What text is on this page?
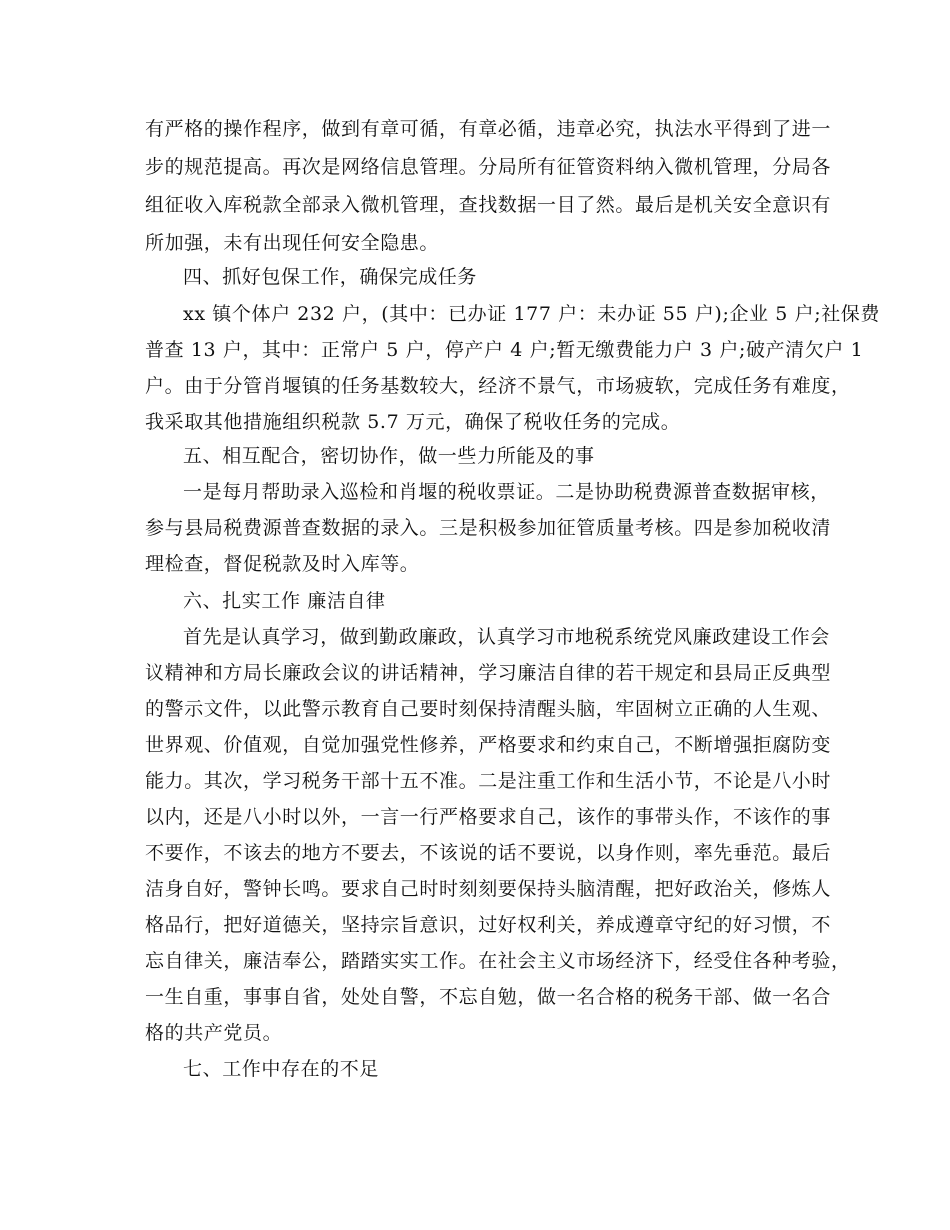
有严格的操作程序，做到有章可循，有章必循，违章必究，执法水平得到了进一
步的规范提高。再次是网络信息管理。分局所有征管资料纳入微机管理，分局各
组征收入库税款全部录入微机管理，查找数据一目了然。最后是机关安全意识有
所加强，未有出现任何安全隐患。
四、抓好包保工作，确保完成任务
xx 镇个体户 232 户，(其中：已办证 177 户：未办证 55 户);企业 5 户;社保费
普查 13 户，其中：正常户 5 户，停产户 4 户;暂无缴费能力户 3 户;破产清欠户 1
户。由于分管肖堰镇的任务基数较大，经济不景气，市场疲软，完成任务有难度，
我采取其他措施组织税款 5.7 万元，确保了税收任务的完成。
五、相互配合，密切协作，做一些力所能及的事
一是每月帮助录入巡检和肖堰的税收票证。二是协助税费源普查数据审核，
参与县局税费源普查数据的录入。三是积极参加征管质量考核。四是参加税收清
理检查，督促税款及时入库等。
六、扎实工作 廉洁自律
首先是认真学习，做到勤政廉政，认真学习市地税系统党风廉政建设工作会
议精神和方局长廉政会议的讲话精神，学习廉洁自律的若干规定和县局正反典型
的警示文件，以此警示教育自己要时刻保持清醒头脑，牢固树立正确的人生观、
世界观、价值观，自觉加强党性修养，严格要求和约束自己，不断增强拒腐防变
能力。其次，学习税务干部十五不准。二是注重工作和生活小节，不论是八小时
以内，还是八小时以外，一言一行严格要求自己，该作的事带头作，不该作的事
不要作，不该去的地方不要去，不该说的话不要说，以身作则，率先垂范。最后
洁身自好，警钟长鸣。要求自己时时刻刻要保持头脑清醒，把好政治关，修炼人
格品行，把好道德关，坚持宗旨意识，过好权利关，养成遵章守纪的好习惯，不
忘自律关，廉洁奉公，踏踏实实工作。在社会主义市场经济下，经受住各种考验，
一生自重，事事自省，处处自警，不忘自勉，做一名合格的税务干部、做一名合
格的共产党员。
七、工作中存在的不足
